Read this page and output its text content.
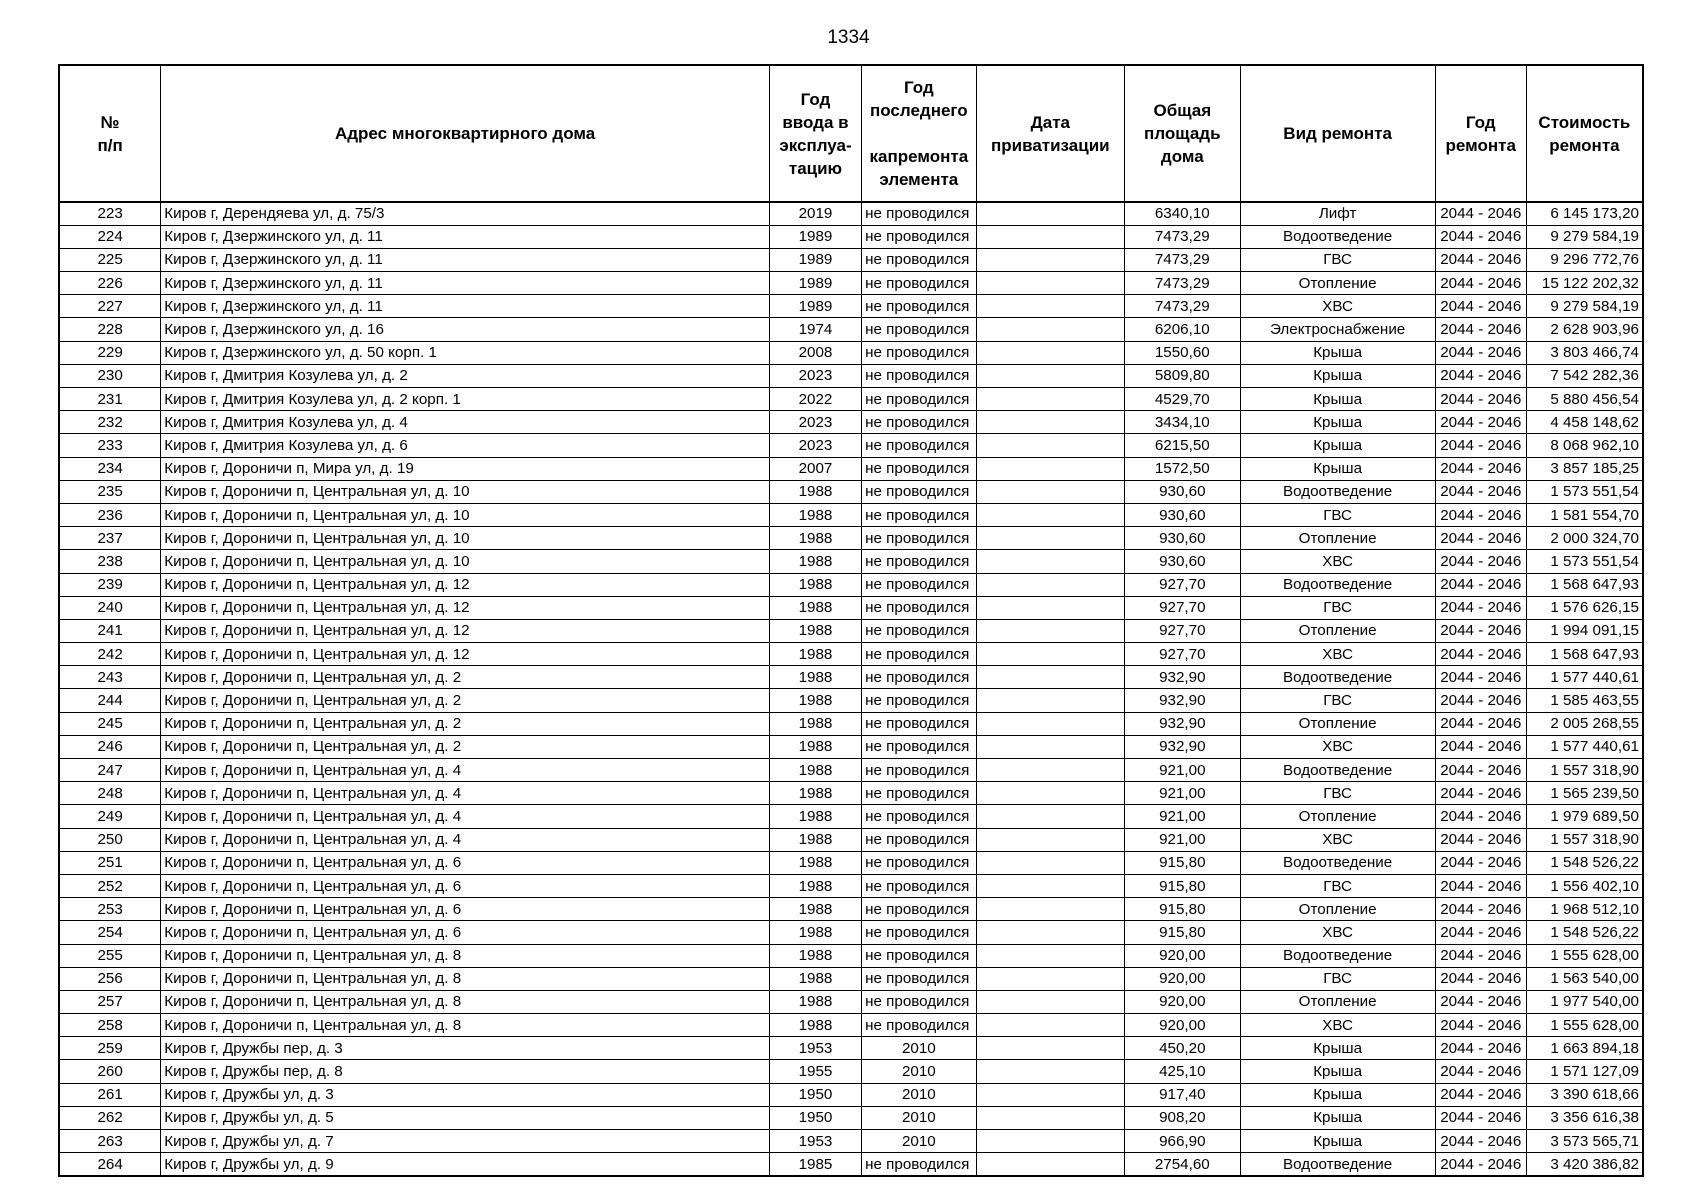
1334
№
п/п	Адрес многоквартирного дома	Год
ввода в
эксплуа-
тацию	Год
последнего
капремонта
элемента	Дата
приватизации	Общая
площадь
дома	Вид ремонта	Год
ремонта	Стоимость
ремонта
223	Киров г, Дерендяева ул, д. 75/3	2019	не проводился		6340,10	Лифт	2044 - 2046	6 145 173,20
224	Киров г, Дзержинского ул, д. 11	1989	не проводился		7473,29	Водоотведение	2044 - 2046	9 279 584,19
225	Киров г, Дзержинского ул, д. 11	1989	не проводился		7473,29	ГВС	2044 - 2046	9 296 772,76
226	Киров г, Дзержинского ул, д. 11	1989	не проводился		7473,29	Отопление	2044 - 2046	15 122 202,32
227	Киров г, Дзержинского ул, д. 11	1989	не проводился		7473,29	ХВС	2044 - 2046	9 279 584,19
228	Киров г, Дзержинского ул, д. 16	1974	не проводился		6206,10	Электроснабжение	2044 - 2046	2 628 903,96
229	Киров г, Дзержинского ул, д. 50 корп. 1	2008	не проводился		1550,60	Крыша	2044 - 2046	3 803 466,74
230	Киров г, Дмитрия Козулева ул, д. 2	2023	не проводился		5809,80	Крыша	2044 - 2046	7 542 282,36
231	Киров г, Дмитрия Козулева ул, д. 2 корп. 1	2022	не проводился		4529,70	Крыша	2044 - 2046	5 880 456,54
232	Киров г, Дмитрия Козулева ул, д. 4	2023	не проводился		3434,10	Крыша	2044 - 2046	4 458 148,62
233	Киров г, Дмитрия Козулева ул, д. 6	2023	не проводился		6215,50	Крыша	2044 - 2046	8 068 962,10
234	Киров г, Дороничи п, Мира ул, д. 19	2007	не проводился		1572,50	Крыша	2044 - 2046	3 857 185,25
235	Киров г, Дороничи п, Центральная ул, д. 10	1988	не проводился		930,60	Водоотведение	2044 - 2046	1 573 551,54
236	Киров г, Дороничи п, Центральная ул, д. 10	1988	не проводился		930,60	ГВС	2044 - 2046	1 581 554,70
237	Киров г, Дороничи п, Центральная ул, д. 10	1988	не проводился		930,60	Отопление	2044 - 2046	2 000 324,70
238	Киров г, Дороничи п, Центральная ул, д. 10	1988	не проводился		930,60	ХВС	2044 - 2046	1 573 551,54
239	Киров г, Дороничи п, Центральная ул, д. 12	1988	не проводился		927,70	Водоотведение	2044 - 2046	1 568 647,93
240	Киров г, Дороничи п, Центральная ул, д. 12	1988	не проводился		927,70	ГВС	2044 - 2046	1 576 626,15
241	Киров г, Дороничи п, Центральная ул, д. 12	1988	не проводился		927,70	Отопление	2044 - 2046	1 994 091,15
242	Киров г, Дороничи п, Центральная ул, д. 12	1988	не проводился		927,70	ХВС	2044 - 2046	1 568 647,93
243	Киров г, Дороничи п, Центральная ул, д. 2	1988	не проводился		932,90	Водоотведение	2044 - 2046	1 577 440,61
244	Киров г, Дороничи п, Центральная ул, д. 2	1988	не проводился		932,90	ГВС	2044 - 2046	1 585 463,55
245	Киров г, Дороничи п, Центральная ул, д. 2	1988	не проводился		932,90	Отопление	2044 - 2046	2 005 268,55
246	Киров г, Дороничи п, Центральная ул, д. 2	1988	не проводился		932,90	ХВС	2044 - 2046	1 577 440,61
247	Киров г, Дороничи п, Центральная ул, д. 4	1988	не проводился		921,00	Водоотведение	2044 - 2046	1 557 318,90
248	Киров г, Дороничи п, Центральная ул, д. 4	1988	не проводился		921,00	ГВС	2044 - 2046	1 565 239,50
249	Киров г, Дороничи п, Центральная ул, д. 4	1988	не проводился		921,00	Отопление	2044 - 2046	1 979 689,50
250	Киров г, Дороничи п, Центральная ул, д. 4	1988	не проводился		921,00	ХВС	2044 - 2046	1 557 318,90
251	Киров г, Дороничи п, Центральная ул, д. 6	1988	не проводился		915,80	Водоотведение	2044 - 2046	1 548 526,22
252	Киров г, Дороничи п, Центральная ул, д. 6	1988	не проводился		915,80	ГВС	2044 - 2046	1 556 402,10
253	Киров г, Дороничи п, Центральная ул, д. 6	1988	не проводился		915,80	Отопление	2044 - 2046	1 968 512,10
254	Киров г, Дороничи п, Центральная ул, д. 6	1988	не проводился		915,80	ХВС	2044 - 2046	1 548 526,22
255	Киров г, Дороничи п, Центральная ул, д. 8	1988	не проводился		920,00	Водоотведение	2044 - 2046	1 555 628,00
256	Киров г, Дороничи п, Центральная ул, д. 8	1988	не проводился		920,00	ГВС	2044 - 2046	1 563 540,00
257	Киров г, Дороничи п, Центральная ул, д. 8	1988	не проводился		920,00	Отопление	2044 - 2046	1 977 540,00
258	Киров г, Дороничи п, Центральная ул, д. 8	1988	не проводился		920,00	ХВС	2044 - 2046	1 555 628,00
259	Киров г, Дружбы пер, д. 3	1953	2010		450,20	Крыша	2044 - 2046	1 663 894,18
260	Киров г, Дружбы пер, д. 8	1955	2010		425,10	Крыша	2044 - 2046	1 571 127,09
261	Киров г, Дружбы ул, д. 3	1950	2010		917,40	Крыша	2044 - 2046	3 390 618,66
262	Киров г, Дружбы ул, д. 5	1950	2010		908,20	Крыша	2044 - 2046	3 356 616,38
263	Киров г, Дружбы ул, д. 7	1953	2010		966,90	Крыша	2044 - 2046	3 573 565,71
264	Киров г, Дружбы ул, д. 9	1985	не проводился		2754,60	Водоотведение	2044 - 2046	3 420 386,82
